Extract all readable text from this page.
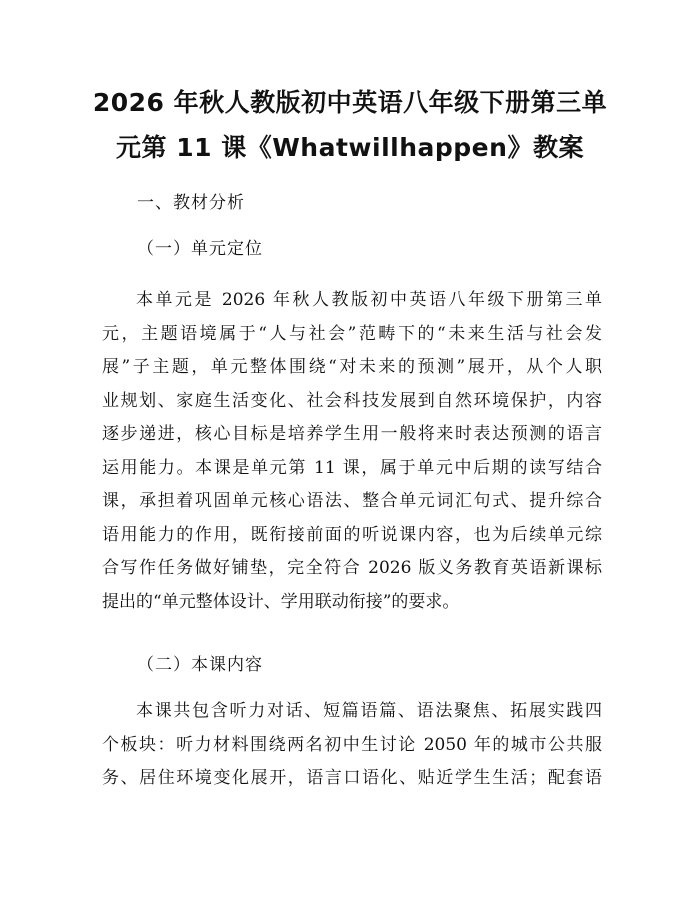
2026 年秋人教版初中英语八年级下册第三单
元第 11 课《Whatwillhappen》教案
一、教材分析
（一）单元定位
本单元是 2026 年秋人教版初中英语八年级下册第三单
元，主题语境属于“人与社会”范畴下的“未来生活与社会发
展”子主题，单元整体围绕“对未来的预测”展开，从个人职
业规划、家庭生活变化、社会科技发展到自然环境保护，内容
逐步递进，核心目标是培养学生用一般将来时表达预测的语言
运用能力。本课是单元第 11 课，属于单元中后期的读写结合
课，承担着巩固单元核心语法、整合单元词汇句式、提升综合
语用能力的作用，既衔接前面的听说课内容，也为后续单元综
合写作任务做好铺垫，完全符合 2026 版义务教育英语新课标
提出的“单元整体设计、学用联动衔接”的要求。
（二）本课内容
本课共包含听力对话、短篇语篇、语法聚焦、拓展实践四
个板块：听力材料围绕两名初中生讨论 2050 年的城市公共服
务、居住环境变化展开，语言口语化、贴近学生生活；配套语
